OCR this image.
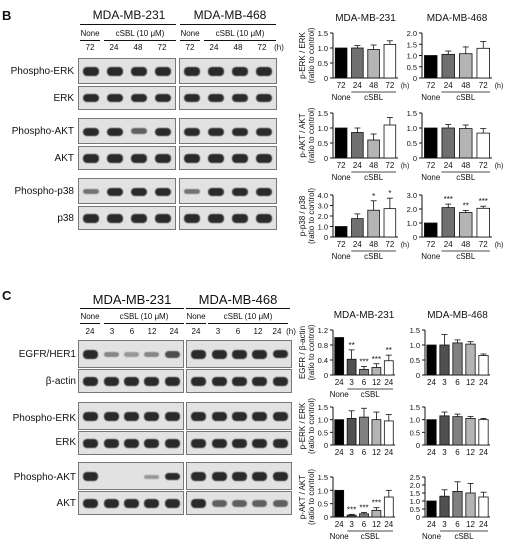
B	MDA-MB-231	MDA-MB-468
None	cSBL (10 μM)	None	cSBL (10 μM)
72	24	48	72	72	24	48	72 (h)
Phospho-ERK
ERK
Phospho-AKT
AKT
Phospho-p38
p38
C	MDA-MB-231	MDA-MB-468
None	cSBL (10 μM)	None	cSBL (10 μM)
24	3	6	12	24	24	3	6	12	24 (h)
EGFR/HER1
β-actin
Phospho-ERK
ERK
Phospho-AKT
AKT
MDA-MB-231
0
0.5
1.0
1.5
p-ERK / ERK (ratio to control)
72 24 48 72 (h)
None cSBL
MDA-MB-468
0
0.5
1.0
1.5
2.0
72 24 48 72 (h)
None cSBL
0
0.5
1.0
1.5
p-AKT / AKT (ratio to control)
72 24 48 72 (h)
None cSBL
0
0.5
1.0
1.5
72 24 48 72 (h)
None cSBL
0
1.0
2.0
3.0
4.0
p-p38 / p38 (ratio to control)
72 24
*
48
*
72 (h)
None cSBL
0
1.0
2.0
3.0
72
***
24
**
48
***
72 (h)
None cSBL
MDA-MB-231
0
0.4
0.8
1.2
EGFR / β-actin (ratio to control)
24
**
3
***
6
***
12
**
24
None cSBL
MDA-MB-468
0
0.5
1.0
1.5
24 3 6 12 24
0
0.5
1.0
1.5
p-ERK / ERK (ratio to control) 24 3 6 12 24
0
0.5
1.0
1.5
24 3 6 12 24
0
0.5
1.0
1.5
p-AKT / AKT (ratio to control) 24
***
3
***
6
***
12 24
None cSBL
0
0.5
1.0
1.5
2.0
2.5
24 3 6 12 24
None cSBL
